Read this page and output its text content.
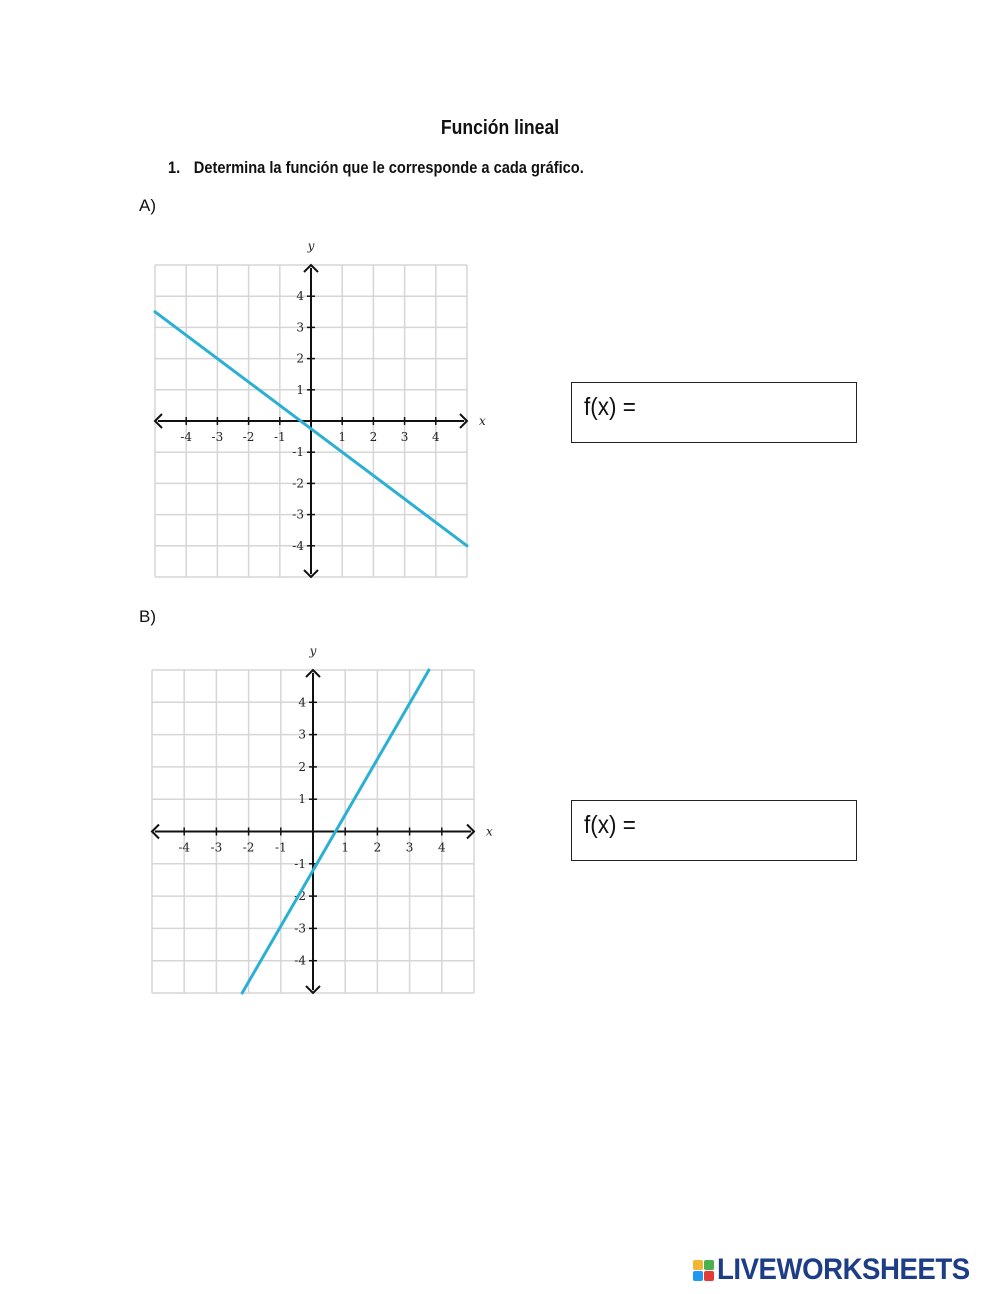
Función lineal
1. Determina la función que le corresponde a cada gráfico.
A)
-4 -3 -2 -1	1 2 3 4
4
3
2
1
-1
-2
-3
-4
x
y
f(x) =
B)
-4 -3 -2 -1	1 2 3 4
4
3
2
1
-1
-2
-3
-4
x
y
f(x) =
LIVEWORKSHEETS
